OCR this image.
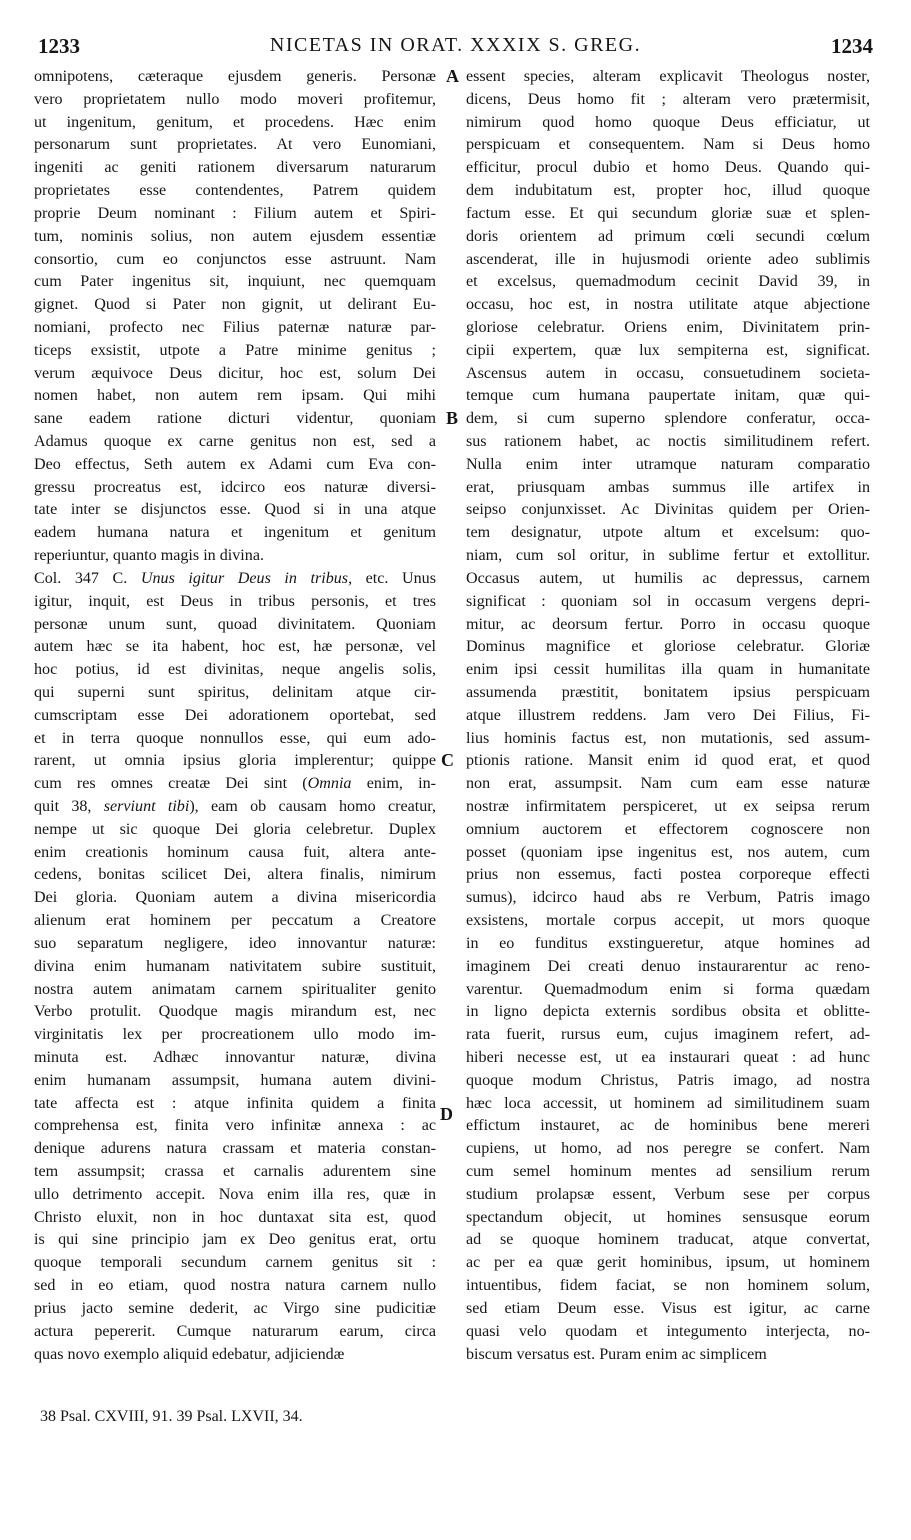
1233	NICETAS IN ORAT. XXXIX S. GREG.	1234
omnipotens, cæteraque ejusdem generis. Personæ
vero proprietatem nullo modo moveri profitemur,
ut ingenitum, genitum, et procedens. Hæc enim
personarum sunt proprietates. At vero Eunomiani,
ingeniti ac geniti rationem diversarum naturarum
proprietates esse contendentes, Patrem quidem
proprie Deum nominant : Filium autem et Spiri-
tum, nominis solius, non autem ejusdem essentiæ
consortio, cum eo conjunctos esse astruunt. Nam
cum Pater ingenitus sit, inquiunt, nec quemquam
gignet. Quod si Pater non gignit, ut delirant Eu-
nomiani, profecto nec Filius paternæ naturæ par-
ticeps exsistit, utpote a Patre minime genitus ;
verum æquivoce Deus dicitur, hoc est, solum Dei
nomen habet, non autem rem ipsam. Qui mihi
sane eadem ratione dicturi videntur, quoniam
Adamus quoque ex carne genitus non est, sed a
Deo effectus, Seth autem ex Adami cum Eva con-
gressu procreatus est, idcirco eos naturæ diversi-
tate inter se disjunctos esse. Quod si in una atque
eadem humana natura et ingenitum et genitum
reperiuntur, quanto magis in divina.
Col. 347 C. Unus igitur Deus in tribus, etc. Unus
igitur, inquit, est Deus in tribus personis, et tres
personæ unum sunt, quoad divinitatem. Quoniam
autem hæc se ita habent, hoc est, hæ personæ, vel
hoc potius, id est divinitas, neque angelis solis,
qui superni sunt spiritus, delinitam atque cir-
cumscriptam esse Dei adorationem oportebat, sed
et in terra quoque nonnullos esse, qui eum ado-
rarent, ut omnia ipsius gloria implerentur; quippe
cum res omnes creatæ Dei sint (Omnia enim, in-
quit 38, serviunt tibi), eam ob causam homo creatur,
nempe ut sic quoque Dei gloria celebretur. Duplex
enim creationis hominum causa fuit, altera ante-
cedens, bonitas scilicet Dei, altera finalis, nimirum
Dei gloria. Quoniam autem a divina misericordia
alienum erat hominem per peccatum a Creatore
suo separatum negligere, ideo innovantur naturæ:
divina enim humanam nativitatem subire sustituit,
nostra autem animatam carnem spiritualiter genito
Verbo protulit. Quodque magis mirandum est, nec
virginitatis lex per procreationem ullo modo im-
minuta est. Adhæc innovantur naturæ, divina
enim humanam assumpsit, humana autem divini-
tate affecta est : atque infinita quidem a finita
comprehensa est, finita vero infinitæ annexa : ac
denique adurens natura crassam et materia constan-
tem assumpsit; crassa et carnalis adurentem sine
ullo detrimento accepit. Nova enim illa res, quæ in
Christo eluxit, non in hoc duntaxat sita est, quod
is qui sine principio jam ex Deo genitus erat, ortu
quoque temporali secundum carnem genitus sit :
sed in eo etiam, quod nostra natura carnem nullo
prius jacto semine dederit, ac Virgo sine pudicitiæ
actura pepererit. Cumque naturarum earum, circa
quas novo exemplo aliquid edebatur, adjiciendæ
essent species, alteram explicavit Theologus noster,
dicens, Deus homo fit ; alteram vero prætermisit,
nimirum quod homo quoque Deus efficiatur, ut
perspicuam et consequentem. Nam si Deus homo
efficitur, procul dubio et homo Deus. Quando qui-
dem indubitatum est, propter hoc, illud quoque
factum esse. Et qui secundum gloriæ suæ et splen-
doris orientem ad primum cœli secundi cœlum
ascenderat, ille in hujusmodi oriente adeo sublimis
et excelsus, quemadmodum cecinit David 39, in
occasu, hoc est, in nostra utilitate atque abjectione
gloriose celebratur. Oriens enim, Divinitatem prin-
cipii expertem, quæ lux sempiterna est, significat.
Ascensus autem in occasu, consuetudinem societa-
temque cum humana paupertate initam, quæ qui-
dem, si cum superno splendore conferatur, occa-
sus rationem habet, ac noctis similitudinem refert.
Nulla enim inter utramque naturam comparatio
erat, priusquam ambas summus ille artifex in
seipso conjunxisset. Ac Divinitas quidem per Orien-
tem designatur, utpote altum et excelsum: quo-
niam, cum sol oritur, in sublime fertur et extollitur.
Occasus autem, ut humilis ac depressus, carnem
significat : quoniam sol in occasum vergens depri-
mitur, ac deorsum fertur. Porro in occasu quoque
Dominus magnifice et gloriose celebratur. Gloriæ
enim ipsi cessit humilitas illa quam in humanitate
assumenda præstitit, bonitatem ipsius perspicuam
atque illustrem reddens. Jam vero Dei Filius, Fi-
lius hominis factus est, non mutationis, sed assum-
ptionis ratione. Mansit enim id quod erat, et quod
non erat, assumpsit. Nam cum eam esse naturæ
nostræ infirmitatem perspiceret, ut ex seipsa rerum
omnium auctorem et effectorem cognoscere non
posset (quoniam ipse ingenitus est, nos autem, cum
prius non essemus, facti postea corporeque effecti
sumus), idcirco haud abs re Verbum, Patris imago
exsistens, mortale corpus accepit, ut mors quoque
in eo funditus exstingueretur, atque homines ad
imaginem Dei creati denuo instaurarentur ac reno-
varentur. Quemadmodum enim si forma quædam
in ligno depicta externis sordibus obsita et oblitte-
rata fuerit, rursus eum, cujus imaginem refert, ad-
hiberi necesse est, ut ea instaurari queat : ad hunc
quoque modum Christus, Patris imago, ad nostra
hæc loca accessit, ut hominem ad similitudinem suam
effictum instauret, ac de hominibus bene mereri
cupiens, ut homo, ad nos peregre se confert. Nam
cum semel hominum mentes ad sensilium rerum
studium prolapsæ essent, Verbum sese per corpus
spectandum objecit, ut homines sensusque eorum
ad se quoque hominem traducat, atque convertat,
ac per ea quæ gerit hominibus, ipsum, ut hominem
intuentibus, fidem faciat, se non hominem solum,
sed etiam Deum esse. Visus est igitur, ac carne
quasi velo quodam et integumento interjecta, no-
biscum versatus est. Puram enim ac simplicem
A
B
C
D
38 Psal. CXVIII, 91. 39 Psal. LXVII, 34.
